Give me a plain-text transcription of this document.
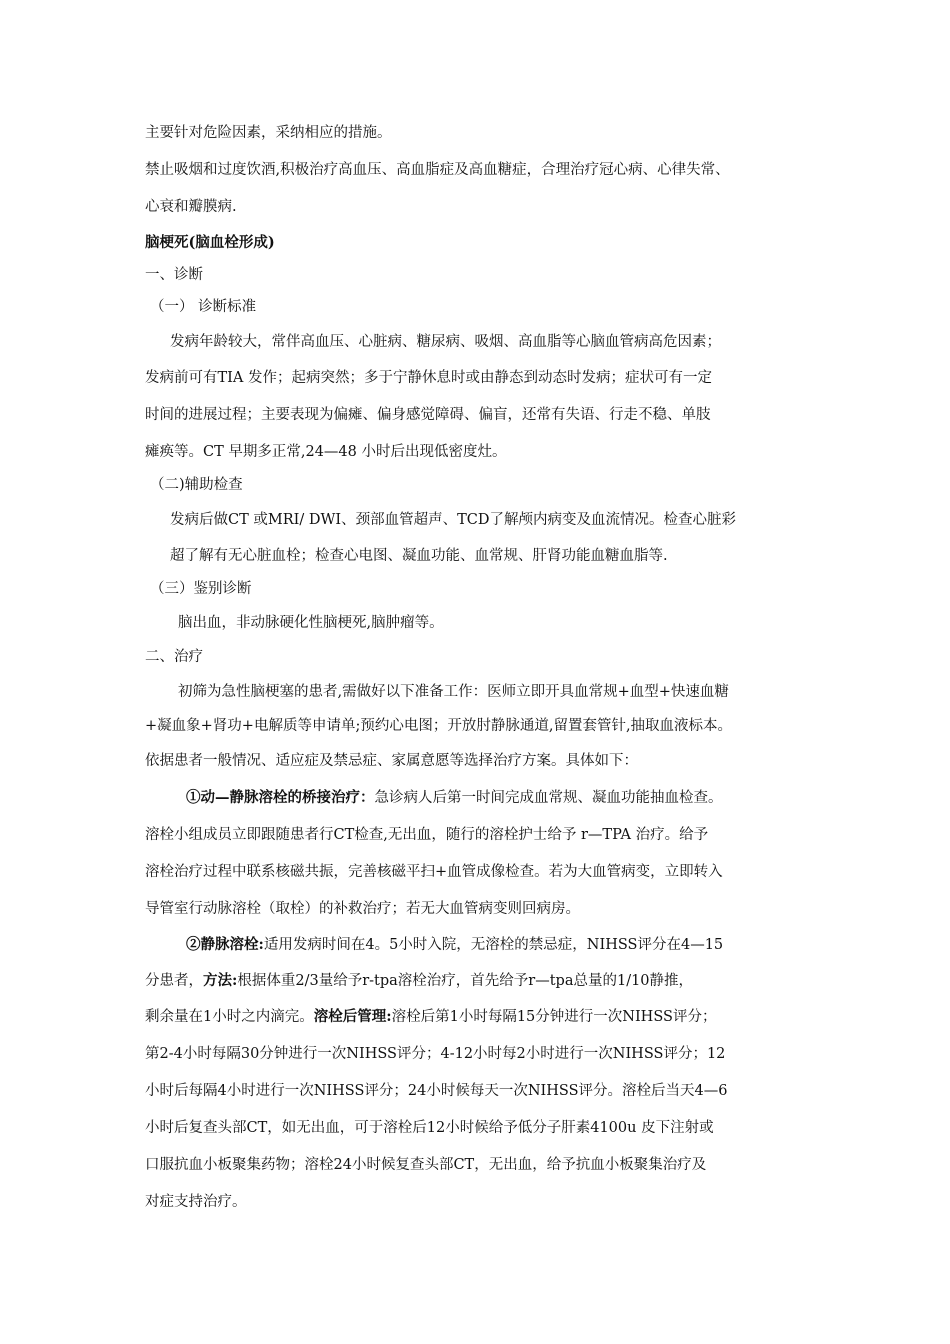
主要针对危险因素，采纳相应的措施。

禁止吸烟和过度饮酒,积极治疗高血压、高血脂症及高血糖症，合理治疗冠心病、心律失常、

心衰和瓣膜病.

脑梗死(脑血栓形成)

一、诊断

（一） 诊断标准

发病年龄较大，常伴高血压、心脏病、糖尿病、吸烟、高血脂等心脑血管病高危因素；

发病前可有TIA 发作；起病突然；多于宁静休息时或由静态到动态时发病；症状可有一定

时间的进展过程；主要表现为偏瘫、偏身感觉障碍、偏盲，还常有失语、行走不稳、单肢

瘫痪等。CT 早期多正常,24—48 小时后出现低密度灶。

（二)辅助检查

发病后做CT 或MRI/ DWI、颈部血管超声、TCD了解颅内病变及血流情况。检查心脏彩

超了解有无心脏血栓；检查心电图、凝血功能、血常规、肝肾功能血糖血脂等.

（三）鉴别诊断

脑出血，非动脉硬化性脑梗死,脑肿瘤等。

二、治疗

初筛为急性脑梗塞的患者,需做好以下准备工作：医师立即开具血常规+血型+快速血糖

+凝血象+肾功+电解质等申请单;预约心电图；开放肘静脉通道,留置套管针,抽取血液标本。

依据患者一般情况、适应症及禁忌症、家属意愿等选择治疗方案。具体如下：

①动—静脉溶栓的桥接治疗：急诊病人后第一时间完成血常规、凝血功能抽血检查。

溶栓小组成员立即跟随患者行CT检查,无出血，随行的溶栓护士给予 r—TPA 治疗。给予

溶栓治疗过程中联系核磁共振，完善核磁平扫+血管成像检查。若为大血管病变，立即转入

导管室行动脉溶栓（取栓）的补救治疗；若无大血管病变则回病房。

②静脉溶栓:适用发病时间在4。5小时入院，无溶栓的禁忌症，NIHSS评分在4—15

分患者，方法:根据体重2/3量给予r-tpa溶栓治疗，首先给予r—tpa总量的1/10静推，

剩余量在1小时之内滴完。溶栓后管理:溶栓后第1小时每隔15分钟进行一次NIHSS评分；

第2-4小时每隔30分钟进行一次NIHSS评分；4-12小时每2小时进行一次NIHSS评分；12

小时后每隔4小时进行一次NIHSS评分；24小时候每天一次NIHSS评分。溶栓后当天4—6

小时后复查头部CT，如无出血，可于溶栓后12小时候给予低分子肝素4100u 皮下注射或

口服抗血小板聚集药物；溶栓24小时候复查头部CT，无出血，给予抗血小板聚集治疗及

对症支持治疗。
